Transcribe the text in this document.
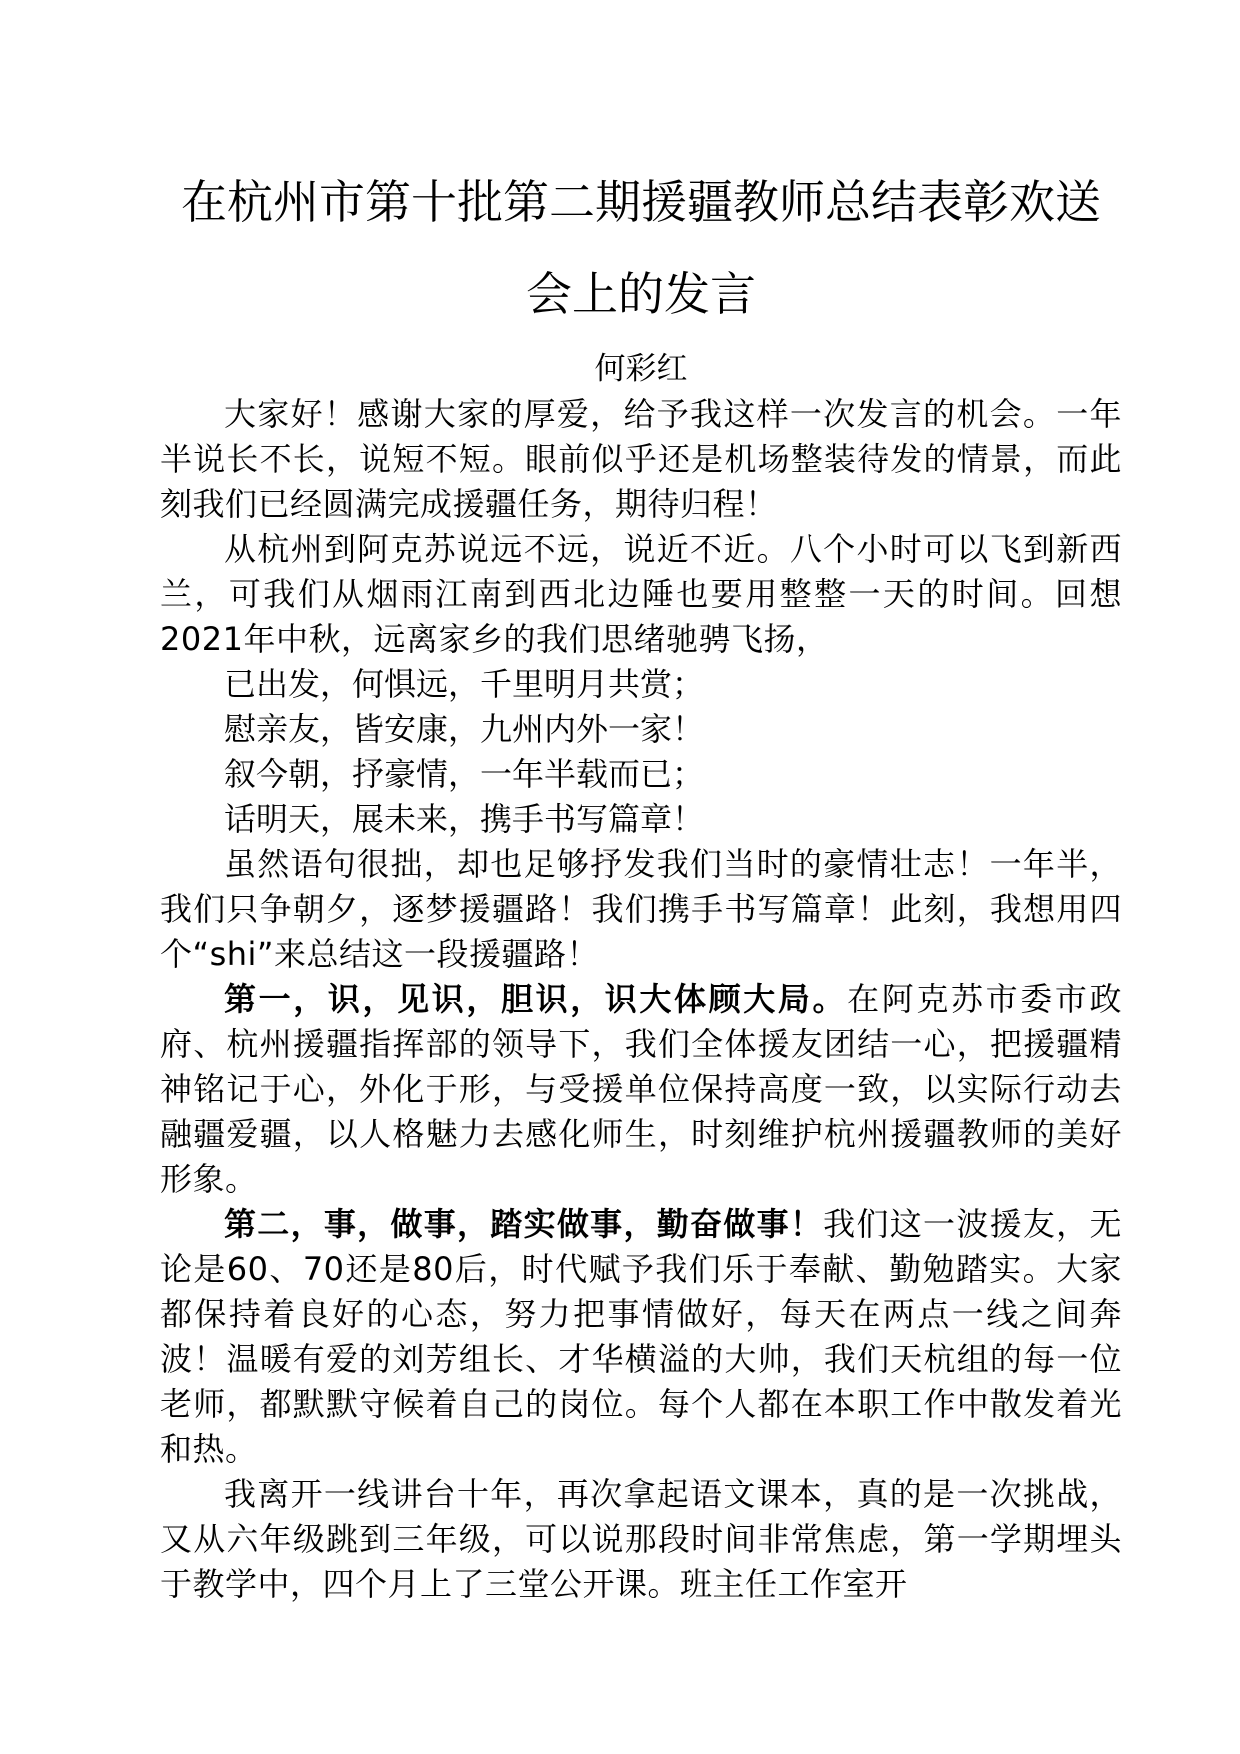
在杭州市第十批第二期援疆教师总结表彰欢送
会上的发言

何彩红

大家好！感谢大家的厚爱，给予我这样一次发言的机会。一年半说长不长，说短不短。眼前似乎还是机场整装待发的情景，而此刻我们已经圆满完成援疆任务，期待归程！

从杭州到阿克苏说远不远，说近不近。八个小时可以飞到新西兰，可我们从烟雨江南到西北边陲也要用整整一天的时间。回想2021年中秋，远离家乡的我们思绪驰骋飞扬，

已出发，何惧远，千里明月共赏；

慰亲友，皆安康，九州内外一家！

叙今朝，抒豪情，一年半载而已；

话明天，展未来，携手书写篇章！

虽然语句很拙，却也足够抒发我们当时的豪情壮志！一年半，我们只争朝夕，逐梦援疆路！我们携手书写篇章！此刻，我想用四个“shi”来总结这一段援疆路！

第一，识，见识，胆识，识大体顾大局。在阿克苏市委市政府、杭州援疆指挥部的领导下，我们全体援友团结一心，把援疆精神铭记于心，外化于形，与受援单位保持高度一致，以实际行动去融疆爱疆，以人格魅力去感化师生，时刻维护杭州援疆教师的美好形象。

第二，事，做事，踏实做事，勤奋做事！我们这一波援友，无论是60、70还是80后，时代赋予我们乐于奉献、勤勉踏实。大家都保持着良好的心态，努力把事情做好，每天在两点一线之间奔波！温暖有爱的刘芳组长、才华横溢的大帅，我们天杭组的每一位老师，都默默守候着自己的岗位。每个人都在本职工作中散发着光和热。

我离开一线讲台十年，再次拿起语文课本，真的是一次挑战，又从六年级跳到三年级，可以说那段时间非常焦虑，第一学期埋头于教学中，四个月上了三堂公开课。班主任工作室开
